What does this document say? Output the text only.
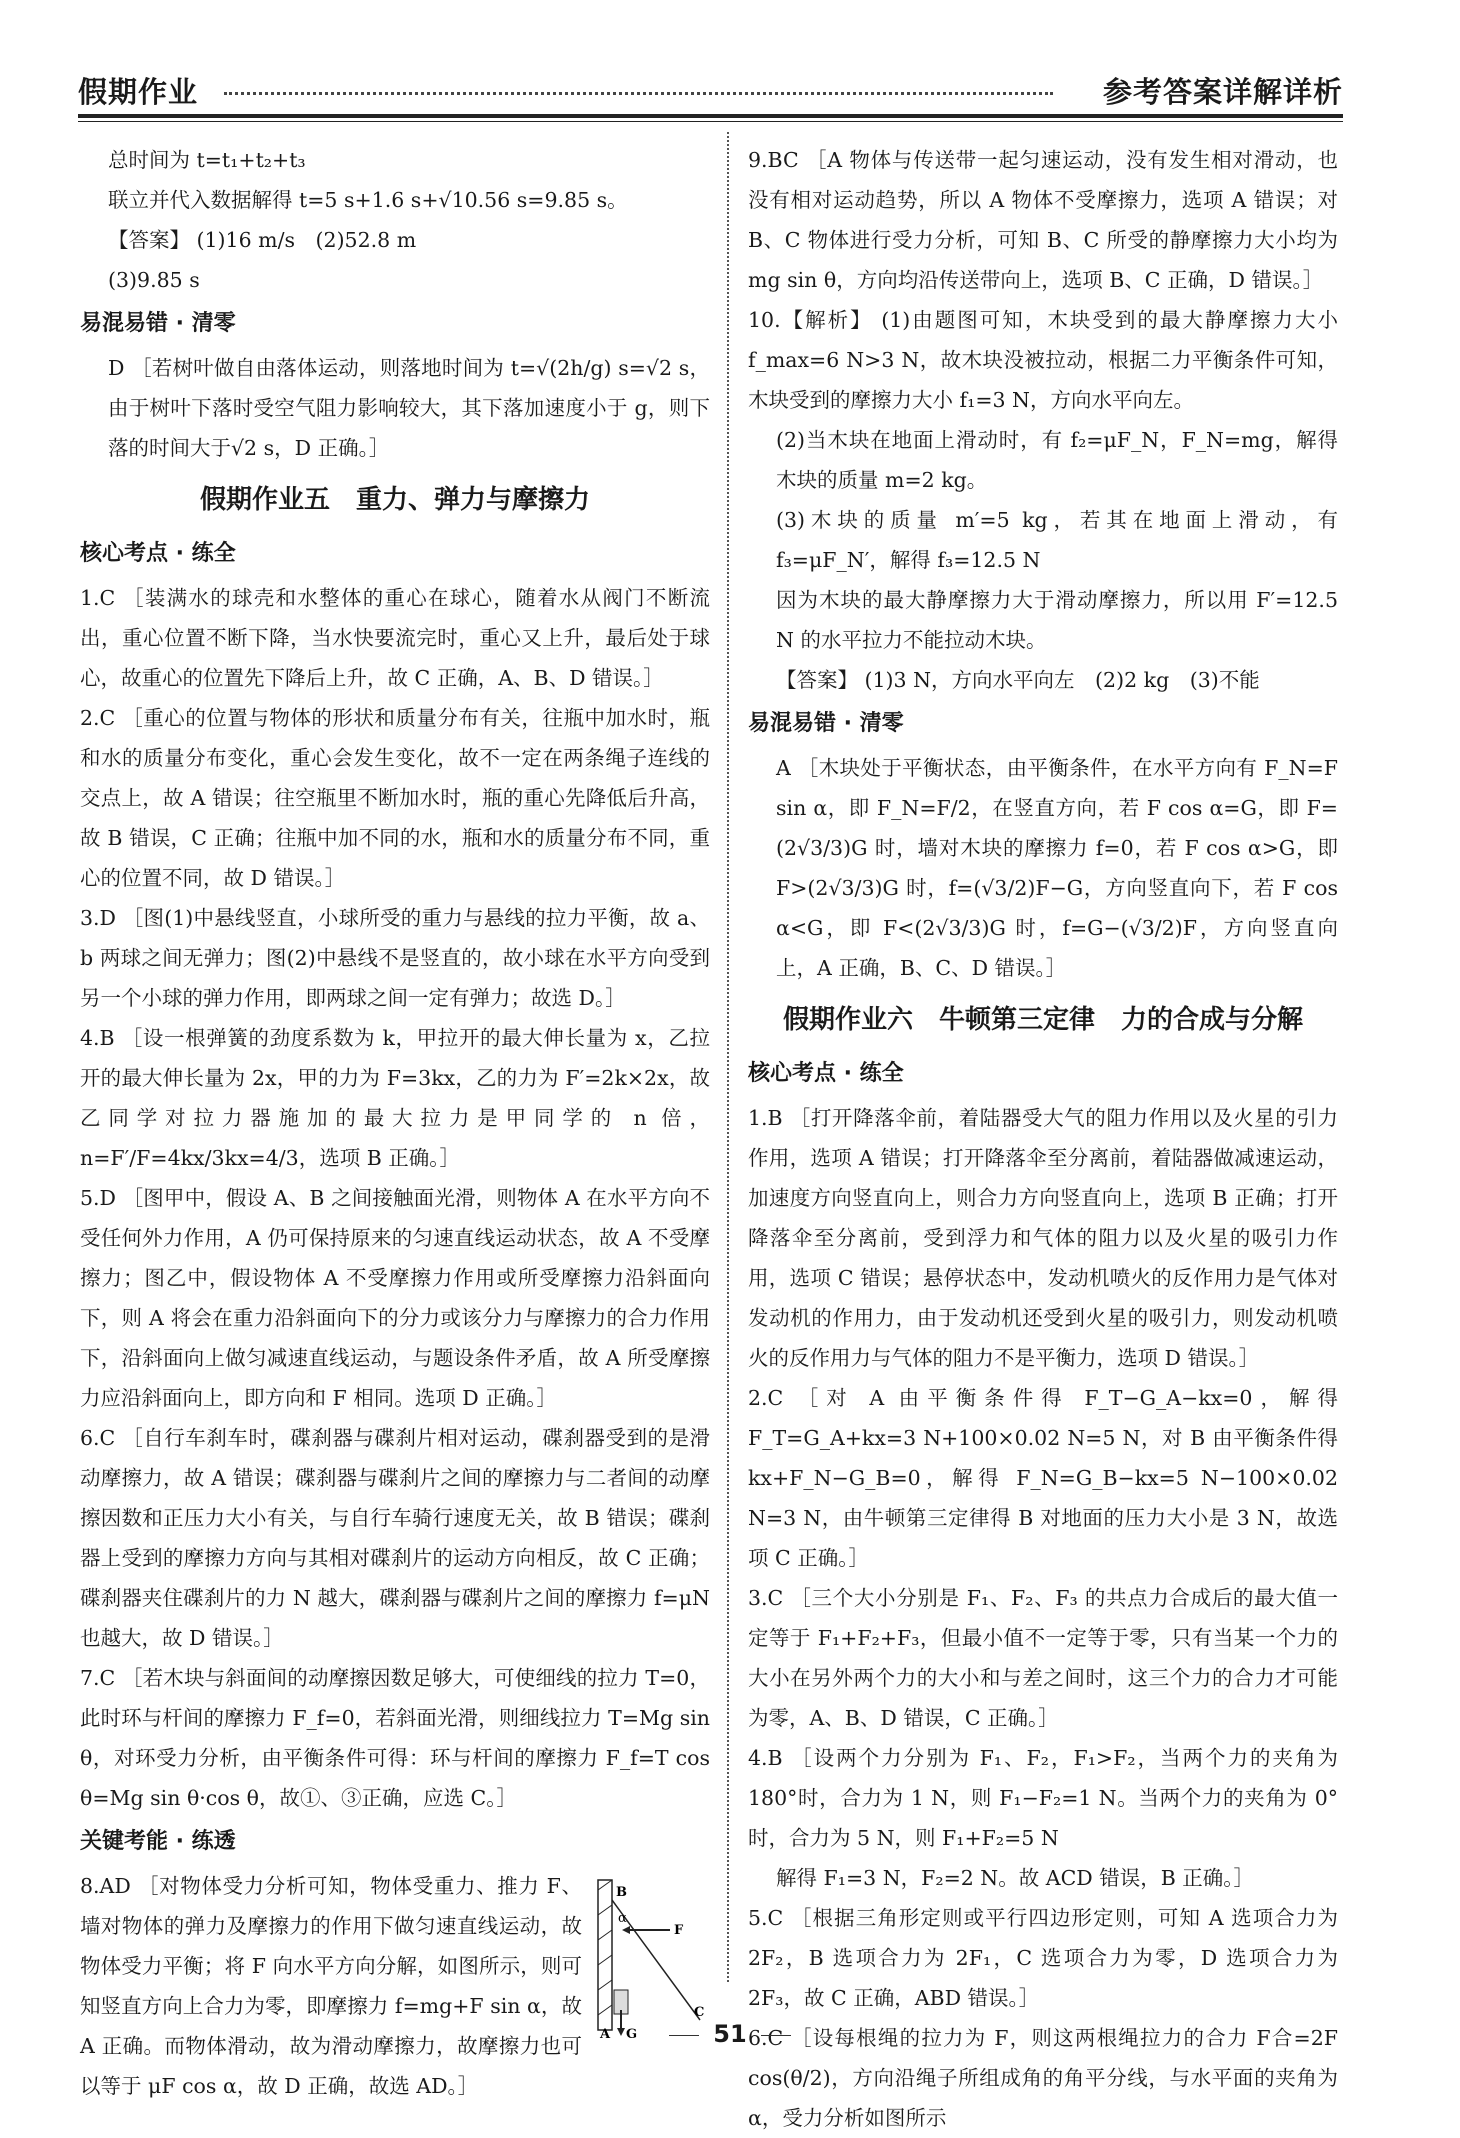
假期作业	参考答案详解详析

总时间为 t=t₁+t₂+t₃

联立并代入数据解得 t=5 s+1.6 s+√10.56 s=9.85 s。

【答案】 (1)16 m/s　(2)52.8 m

(3)9.85 s

易混易错 · 清零

D ［若树叶做自由落体运动，则落地时间为 t=√(2h/g) s=√2 s，由于树叶下落时受空气阻力影响较大，其下落加速度小于 g，则下落的时间大于√2 s，D 正确。］

假期作业五　重力、弹力与摩擦力
核心考点 · 练全

1.C ［装满水的球壳和水整体的重心在球心，随着水从阀门不断流出，重心位置不断下降，当水快要流完时，重心又上升，最后处于球心，故重心的位置先下降后上升，故 C 正确，A、B、D 错误。］

2.C ［重心的位置与物体的形状和质量分布有关，往瓶中加水时，瓶和水的质量分布变化，重心会发生变化，故不一定在两条绳子连线的交点上，故 A 错误；往空瓶里不断加水时，瓶的重心先降低后升高，故 B 错误，C 正确；往瓶中加不同的水，瓶和水的质量分布不同，重心的位置不同，故 D 错误。］

3.D ［图(1)中悬线竖直，小球所受的重力与悬线的拉力平衡，故 a、b 两球之间无弹力；图(2)中悬线不是竖直的，故小球在水平方向受到另一个小球的弹力作用，即两球之间一定有弹力；故选 D。］

4.B ［设一根弹簧的劲度系数为 k，甲拉开的最大伸长量为 x，乙拉开的最大伸长量为 2x，甲的力为 F=3kx，乙的力为 F′=2k×2x，故乙同学对拉力器施加的最大拉力是甲同学的 n 倍，n=F′/F=4kx/3kx=4/3，选项 B 正确。］

5.D ［图甲中，假设 A、B 之间接触面光滑，则物体 A 在水平方向不受任何外力作用，A 仍可保持原来的匀速直线运动状态，故 A 不受摩擦力；图乙中，假设物体 A 不受摩擦力作用或所受摩擦力沿斜面向下，则 A 将会在重力沿斜面向下的分力或该分力与摩擦力的合力作用下，沿斜面向上做匀减速直线运动，与题设条件矛盾，故 A 所受摩擦力应沿斜面向上，即方向和 F 相同。选项 D 正确。］

6.C ［自行车刹车时，碟刹器与碟刹片相对运动，碟刹器受到的是滑动摩擦力，故 A 错误；碟刹器与碟刹片之间的摩擦力与二者间的动摩擦因数和正压力大小有关，与自行车骑行速度无关，故 B 错误；碟刹器上受到的摩擦力方向与其相对碟刹片的运动方向相反，故 C 正确；碟刹器夹住碟刹片的力 N 越大，碟刹器与碟刹片之间的摩擦力 f=μN 也越大，故 D 错误。］

7.C ［若木块与斜面间的动摩擦因数足够大，可使细线的拉力 T=0，此时环与杆间的摩擦力 F_f=0，若斜面光滑，则细线拉力 T=Mg sin θ，对环受力分析，由平衡条件可得：环与杆间的摩擦力 F_f=T cos θ=Mg sin θ·cos θ，故①、③正确，应选 C。］

关键考能 · 练透
B
α
F
A G
C

8.AD ［对物体受力分析可知，物体受重力、推力 F、墙对物体的弹力及摩擦力的作用下做匀速直线运动，故物体受力平衡；将 F 向水平方向分解，如图所示，则可知竖直方向上合力为零，即摩擦力 f=mg+F sin α，故 A 正确。而物体滑动，故为滑动摩擦力，故摩擦力也可以等于 μF cos α，故 D 正确，故选 AD。］

9.BC ［A 物体与传送带一起匀速运动，没有发生相对滑动，也没有相对运动趋势，所以 A 物体不受摩擦力，选项 A 错误；对 B、C 物体进行受力分析，可知 B、C 所受的静摩擦力大小均为 mg sin θ，方向均沿传送带向上，选项 B、C 正确，D 错误。］

10.【解析】 (1)由题图可知，木块受到的最大静摩擦力大小 f_max=6 N>3 N，故木块没被拉动，根据二力平衡条件可知，木块受到的摩擦力大小 f₁=3 N，方向水平向左。

(2)当木块在地面上滑动时，有 f₂=μF_N，F_N=mg，解得木块的质量 m=2 kg。

(3)木块的质量 m′=5 kg，若其在地面上滑动，有 f₃=μF_N′，解得 f₃=12.5 N

因为木块的最大静摩擦力大于滑动摩擦力，所以用 F′=12.5 N 的水平拉力不能拉动木块。

【答案】 (1)3 N，方向水平向左　(2)2 kg　(3)不能

易混易错 · 清零

A ［木块处于平衡状态，由平衡条件，在水平方向有 F_N=F sin α，即 F_N=F/2，在竖直方向，若 F cos α=G，即 F=(2√3/3)G 时，墙对木块的摩擦力 f=0，若 F cos α>G，即 F>(2√3/3)G 时，f=(√3/2)F−G，方向竖直向下，若 F cos α<G，即 F<(2√3/3)G 时，f=G−(√3/2)F，方向竖直向上，A 正确，B、C、D 错误。］

假期作业六　牛顿第三定律　力的合成与分解
核心考点 · 练全

1.B ［打开降落伞前，着陆器受大气的阻力作用以及火星的引力作用，选项 A 错误；打开降落伞至分离前，着陆器做减速运动，加速度方向竖直向上，则合力方向竖直向上，选项 B 正确；打开降落伞至分离前，受到浮力和气体的阻力以及火星的吸引力作用，选项 C 错误；悬停状态中，发动机喷火的反作用力是气体对发动机的作用力，由于发动机还受到火星的吸引力，则发动机喷火的反作用力与气体的阻力不是平衡力，选项 D 错误。］

2.C ［对 A 由平衡条件得 F_T−G_A−kx=0，解得 F_T=G_A+kx=3 N+100×0.02 N=5 N，对 B 由平衡条件得 kx+F_N−G_B=0，解得 F_N=G_B−kx=5 N−100×0.02 N=3 N，由牛顿第三定律得 B 对地面的压力大小是 3 N，故选项 C 正确。］

3.C ［三个大小分别是 F₁、F₂、F₃ 的共点力合成后的最大值一定等于 F₁+F₂+F₃，但最小值不一定等于零，只有当某一个力的大小在另外两个力的大小和与差之间时，这三个力的合力才可能为零，A、B、D 错误，C 正确。］

4.B ［设两个力分别为 F₁、F₂，F₁>F₂，当两个力的夹角为 180°时，合力为 1 N，则 F₁−F₂=1 N。当两个力的夹角为 0°时，合力为 5 N，则 F₁+F₂=5 N

解得 F₁=3 N，F₂=2 N。故 ACD 错误，B 正确。］

5.C ［根据三角形定则或平行四边形定则，可知 A 选项合力为 2F₂，B 选项合力为 2F₁，C 选项合力为零，D 选项合力为 2F₃，故 C 正确，ABD 错误。］

6.C ［设每根绳的拉力为 F，则这两根绳拉力的合力 F合=2F cos(θ/2)，方向沿绳子所组成角的角平分线，与水平面的夹角为 α，受力分析如图所示

51
